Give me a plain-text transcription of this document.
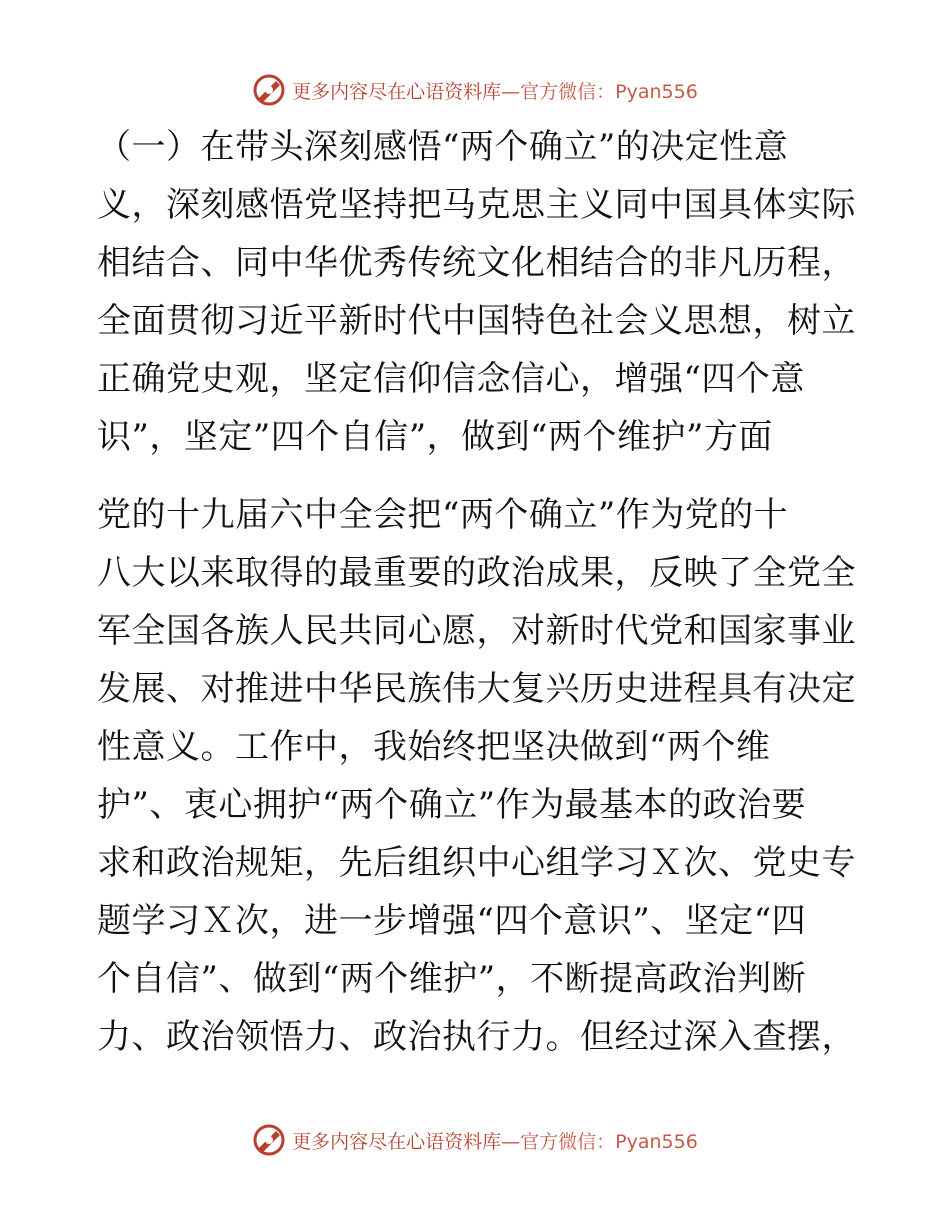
更多内容尽在心语资料库 —官方微信：Pyan556
（一）在带头深刻感悟“两个确立”的决定性意
义，深刻感悟党坚持把马克思主义同中国具体实际
相结合、同中华优秀传统文化相结合的非凡历程，
全面贯彻习近平新时代中国特色社会义思想，树立
正确党史观，坚定信仰信念信心，增强“四个意
识”，坚定”四个自信”，做到“两个维护”方面
党的十九届六中全会把“两个确立”作为党的十
八大以来取得的最重要的政治成果，反映了全党全
军全国各族人民共同心愿，对新时代党和国家事业
发展、对推进中华民族伟大复兴历史进程具有决定
性意义。工作中，我始终把坚决做到“两个维
护”、衷心拥护“两个确立”作为最基本的政治要
求和政治规矩，先后组织中心组学习Ｘ次、党史专
题学习Ｘ次，进一步增强“四个意识”、坚定“四
个自信”、做到“两个维护”，不断提高政治判断
力、政治领悟力、政治执行力。但经过深入查摆，
更多内容尽在心语资料库 —官方微信：Pyan556
